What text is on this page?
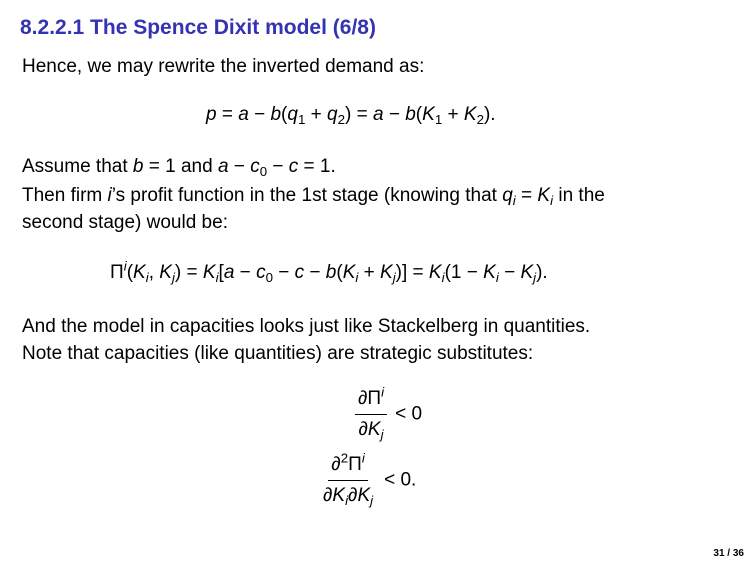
8.2.2.1 The Spence Dixit model (6/8)
Hence, we may rewrite the inverted demand as:
$p = a - b(q_1 + q_2) = a - b(K_1 + K_2)$.
Assume that b = 1 and $a - c_0 - c = 1$.
Then firm i’s profit function in the 1st stage (knowing that $q_i = K_i$ in the
second stage) would be:
$\Pi^i(K_i$, $K_j) = K_i[a - c_0 - c - b(K_i + K_j)] = K_i(1 - K_i - K_j)$.
And the model in capacities looks just like Stackelberg in quantities.
Note that capacities (like quantities) are strategic substitutes:
$\frac{\partial\Pi^i}{\partial K_j} < 0$
$\frac{\partial^2\Pi^i}{\partial K_i\partial K_j} < 0$.
31 / 36
